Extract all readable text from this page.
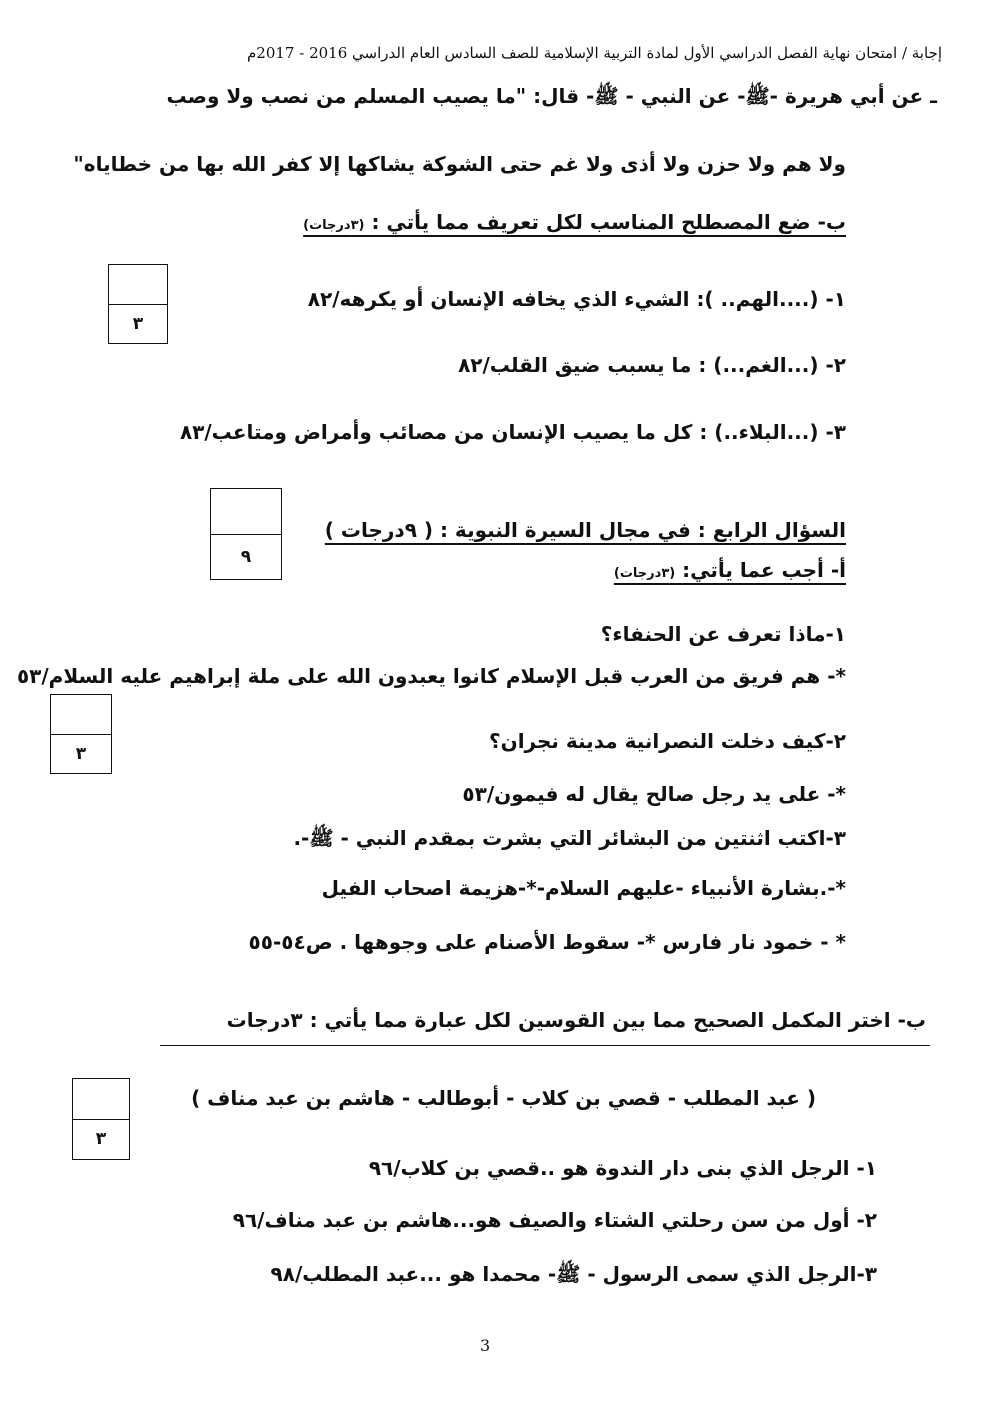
إجابة / امتحان نهاية الفصل الدراسي الأول لمادة التربية الإسلامية للصف السادس العام الدراسي 2016 - 2017م
ـ عن أبي هريرة -ﷺ- عن النبي - ﷺ- قال: "ما يصيب المسلم من نصب ولا وصب
ولا هم ولا حزن ولا أذى ولا غم حتى الشوكة يشاكها إلا كفر الله بها من خطاياه"
ب- ضع المصطلح المناسب لكل تعريف مما يأتي : (٣درجات)
٣
١- (....الهم.. ): الشيء الذي يخافه الإنسان أو يكرهه/٨٢
٢- (...الغم...) : ما يسبب ضيق القلب/٨٢
٣- (...البلاء..) : كل ما يصيب الإنسان من مصائب وأمراض ومتاعب/٨٣
٩
السؤال الرابع : في مجال السيرة النبوية : ( ٩درجات )
أ- أجب عما يأتي: (٣درجات)
٣
١-ماذا تعرف عن الحنفاء؟
*- هم فريق من العرب قبل الإسلام كانوا يعبدون الله على ملة إبراهيم عليه السلام/٥٣
٢-كيف دخلت النصرانية مدينة نجران؟
*- على يد رجل صالح يقال له فيمون/٥٣
٣-اكتب اثنتين من البشائر التي بشرت بمقدم النبي - ﷺ-.
*-.بشارة الأنبياء -عليهم السلام-*-هزيمة اصحاب الفيل
* - خمود نار فارس *- سقوط الأصنام على وجوهها . ص٥٤-٥٥
ب- اختر المكمل الصحيح مما بين القوسين لكل عبارة مما يأتي : ٣درجات
٣
( عبد المطلب - قصي بن كلاب - أبوطالب - هاشم بن عبد مناف )
١- الرجل الذي بنى دار الندوة هو ..قصي بن كلاب/٩٦
٢- أول من سن رحلتي الشتاء والصيف هو...هاشم بن عبد مناف/٩٦
٣-الرجل الذي سمى الرسول - ﷺ- محمدا هو ...عبد المطلب/٩٨
3
